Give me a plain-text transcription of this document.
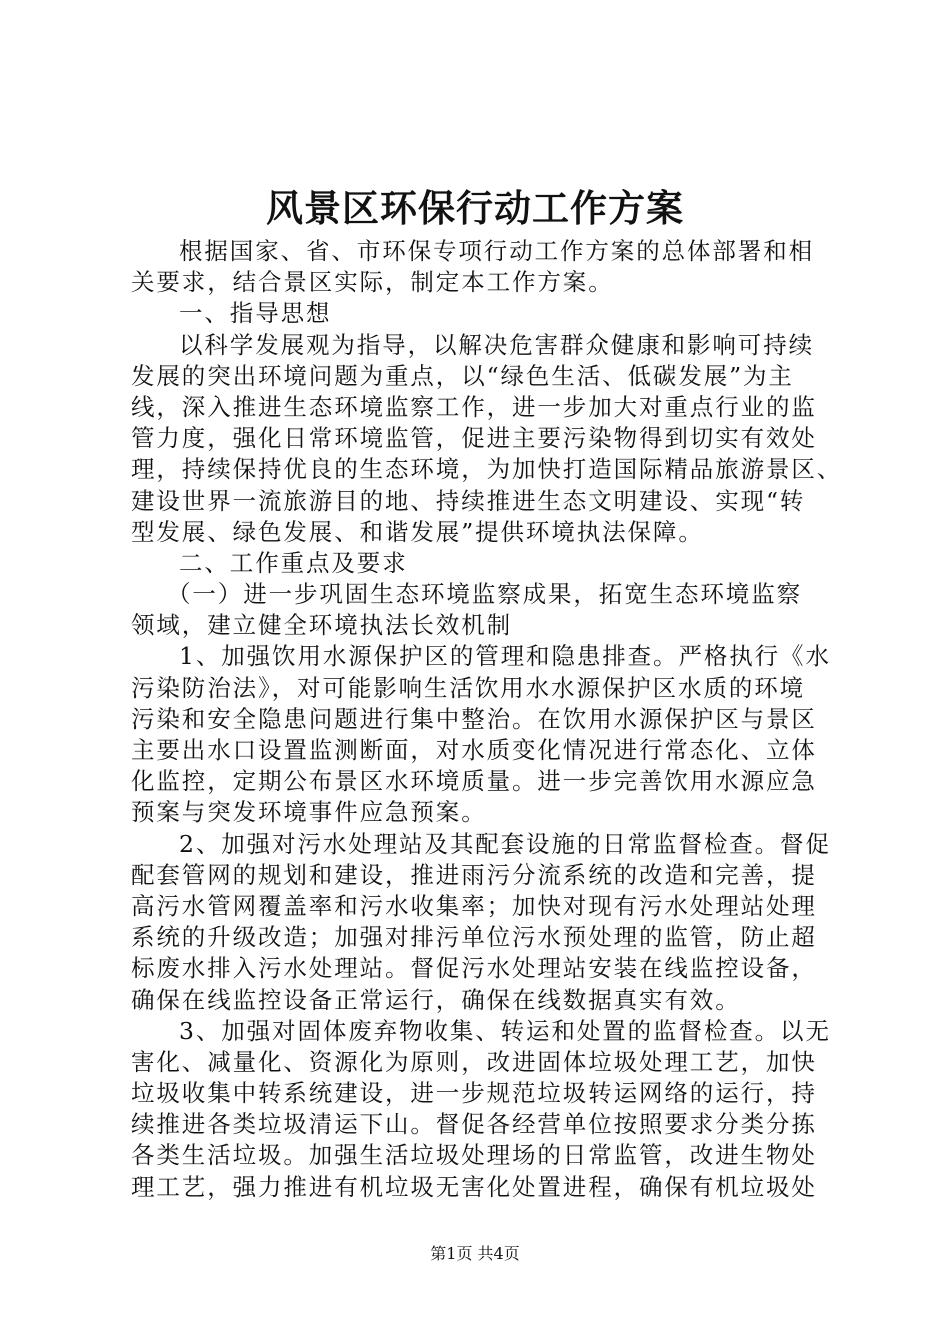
风景区环保行动工作方案
根据国家、省、市环保专项行动工作方案的总体部署和相
关要求，结合景区实际，制定本工作方案。
一、指导思想
以科学发展观为指导，以解决危害群众健康和影响可持续
发展的突出环境问题为重点，以“绿色生活、低碳发展”为主
线，深入推进生态环境监察工作，进一步加大对重点行业的监
管力度，强化日常环境监管，促进主要污染物得到切实有效处
理，持续保持优良的生态环境，为加快打造国际精品旅游景区、
建设世界一流旅游目的地、持续推进生态文明建设、实现“转
型发展、绿色发展、和谐发展”提供环境执法保障。
二、工作重点及要求
（一）进一步巩固生态环境监察成果，拓宽生态环境监察
领域，建立健全环境执法长效机制
1、加强饮用水源保护区的管理和隐患排查。严格执行《水
污染防治法》，对可能影响生活饮用水水源保护区水质的环境
污染和安全隐患问题进行集中整治。在饮用水源保护区与景区
主要出水口设置监测断面，对水质变化情况进行常态化、立体
化监控，定期公布景区水环境质量。进一步完善饮用水源应急
预案与突发环境事件应急预案。
2、加强对污水处理站及其配套设施的日常监督检查。督促
配套管网的规划和建设，推进雨污分流系统的改造和完善，提
高污水管网覆盖率和污水收集率；加快对现有污水处理站处理
系统的升级改造；加强对排污单位污水预处理的监管，防止超
标废水排入污水处理站。督促污水处理站安装在线监控设备，
确保在线监控设备正常运行，确保在线数据真实有效。
3、加强对固体废弃物收集、转运和处置的监督检查。以无
害化、减量化、资源化为原则，改进固体垃圾处理工艺，加快
垃圾收集中转系统建设，进一步规范垃圾转运网络的运行，持
续推进各类垃圾清运下山。督促各经营单位按照要求分类分拣
各类生活垃圾。加强生活垃圾处理场的日常监管，改进生物处
理工艺，强力推进有机垃圾无害化处置进程，确保有机垃圾处
第1页 共4页
